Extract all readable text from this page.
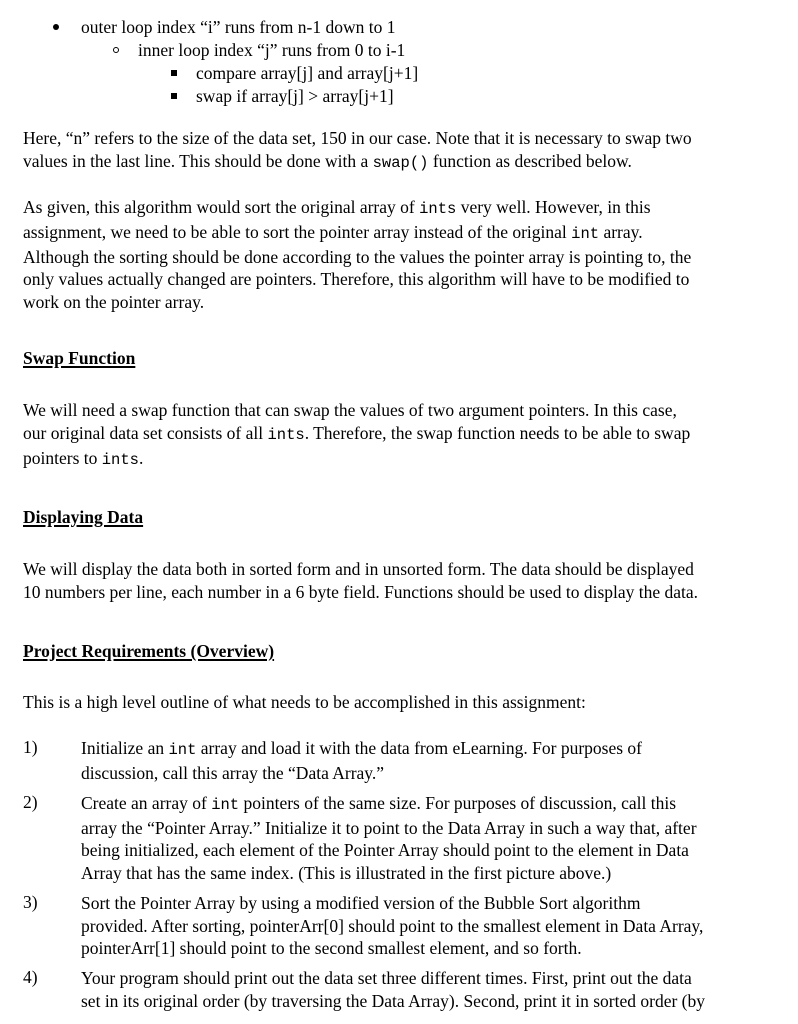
outer loop index “i” runs from n-1 down to 1
inner loop index “j” runs from 0 to i-1
compare array[j] and array[j+1]
swap if array[j] > array[j+1]
Here, “n” refers to the size of the data set, 150 in our case. Note that it is necessary to swap two
values in the last line. This should be done with a swap() function as described below.
As given, this algorithm would sort the original array of ints very well. However, in this
assignment, we need to be able to sort the pointer array instead of the original int array.
Although the sorting should be done according to the values the pointer array is pointing to, the
only values actually changed are pointers. Therefore, this algorithm will have to be modified to
work on the pointer array.
Swap Function
We will need a swap function that can swap the values of two argument pointers. In this case,
our original data set consists of all ints. Therefore, the swap function needs to be able to swap
pointers to ints.
Displaying Data
We will display the data both in sorted form and in unsorted form. The data should be displayed
10 numbers per line, each number in a 6 byte field. Functions should be used to display the data.
Project Requirements (Overview)
This is a high level outline of what needs to be accomplished in this assignment:
1) Initialize an int array and load it with the data from eLearning. For purposes of
discussion, call this array the “Data Array.”
2) Create an array of int pointers of the same size. For purposes of discussion, call this
array the “Pointer Array.” Initialize it to point to the Data Array in such a way that, after
being initialized, each element of the Pointer Array should point to the element in Data
Array that has the same index. (This is illustrated in the first picture above.)
3) Sort the Pointer Array by using a modified version of the Bubble Sort algorithm
provided. After sorting, pointerArr[0] should point to the smallest element in Data Array,
pointerArr[1] should point to the second smallest element, and so forth.
4) Your program should print out the data set three different times. First, print out the data
set in its original order (by traversing the Data Array). Second, print it in sorted order (by
